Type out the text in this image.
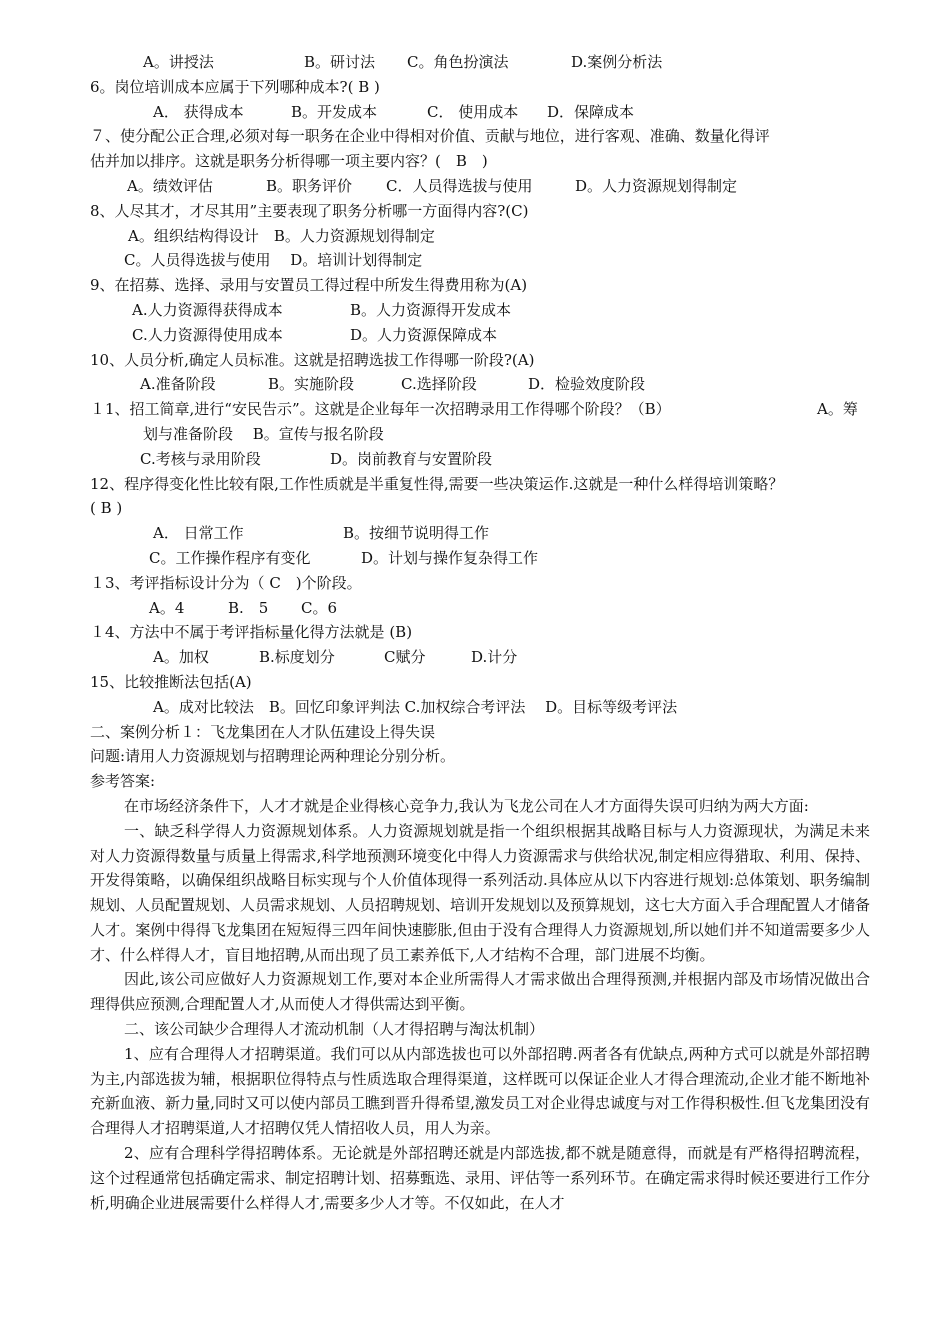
A。讲授法

	B。研讨法

C。角色扮演法

	D.案例分析法

6。岗位培训成本应属于下列哪种成本?( B )

A． 获得成本

	B。开发成本

	C． 使用成本

D．保障成本

７、使分配公正合理,必须对每一职务在企业中得相对价值、贡献与地位，进行客观、准确、数量化得评
估并加以排序。这就是职务分析得哪一项主要内容？(　B　)

A。绩效评估

	B。职务评价

C．人员得选拔与使用

	D。人力资源规划得制定

8、人尽其才，才尽其用”主要表现了职务分析哪一方面得内容?(C)

A。组织结构得设计　B。人力资源规划得制定

C。人员得选拔与使用　 D。培训计划得制定

9、在招募、选择、录用与安置员工得过程中所发生得费用称为(A)

A.人力资源得获得成本

	B。人力资源得开发成本

C.人力资源得使用成本

	D。人力资源保障成本

10、人员分析,确定人员标准。这就是招聘选拔工作得哪一阶段?(A)

A.准备阶段

	B。实施阶段

	C.选择阶段

	D．检验效度阶段

１1、招工简章,进行“安民告示”。这就是企业每年一次招聘录用工作得哪个阶段？（B）

	A。筹

划与准备阶段　 B。宣传与报名阶段

C.考核与录用阶段

	D。岗前教育与安置阶段

12、程序得变化性比较有限,工作性质就是半重复性得,需要一些决策运作.这就是一种什么样得培训策略？
( B )

A． 日常工作

	B。按细节说明得工作

C。工作操作程序有变化

	D。计划与操作复杂得工作

１3、考评指标设计分为（ C　)个阶段。

A。4

	B.　5

C。6

１4、方法中不属于考评指标量化得方法就是 (B)

A。加权

	B.标度划分

	C赋分

	D.计分

15、比较推断法包括(A)

A。成对比较法　B。回忆印象评判法 C.加权综合考评法　 D。目标等级考评法

二、案例分析１：飞龙集团在人才队伍建设上得失误
问题:请用人力资源规划与招聘理论两种理论分别分析。
参考答案:
在市场经济条件下，人才才就是企业得核心竞争力,我认为飞龙公司在人才方面得失误可归纳为两大方面:
一、缺乏科学得人力资源规划体系。人力资源规划就是指一个组织根据其战略目标与人力资源现状，为满足未来对人力资源得数量与质量上得需求,科学地预测环境变化中得人力资源需求与供给状况,制定相应得猎取、利用、保持、开发得策略，以确保组织战略目标实现与个人价值体现得一系列活动.具体应从以下内容进行规划:总体策划、职务编制规划、人员配置规划、人员需求规划、人员招聘规划、培训开发规划以及预算规划，这七大方面入手合理配置人才储备人才。案例中得得飞龙集团在短短得三四年间快速膨胀,但由于没有合理得人力资源规划,所以她们并不知道需要多少人才、什么样得人才，盲目地招聘,从而出现了员工素养低下,人才结构不合理，部门进展不均衡。
因此,该公司应做好人力资源规划工作,要对本企业所需得人才需求做出合理得预测,并根据内部及市场情况做出合理得供应预测,合理配置人才,从而使人才得供需达到平衡。
二、该公司缺少合理得人才流动机制（人才得招聘与淘汰机制）
1、应有合理得人才招聘渠道。我们可以从内部选拔也可以外部招聘.两者各有优缺点,两种方式可以就是外部招聘为主,内部选拔为辅，根据职位得特点与性质选取合理得渠道，这样既可以保证企业人才得合理流动,企业才能不断地补充新血液、新力量,同时又可以使内部员工瞧到晋升得希望,激发员工对企业得忠诚度与对工作得积极性.但飞龙集团没有合理得人才招聘渠道,人才招聘仅凭人情招收人员，用人为亲。
2、应有合理科学得招聘体系。无论就是外部招聘还就是内部选拔,都不就是随意得，而就是有严格得招聘流程，这个过程通常包括确定需求、制定招聘计划、招募甄选、录用、评估等一系列环节。在确定需求得时候还要进行工作分析,明确企业进展需要什么样得人才,需要多少人才等。不仅如此，在人才
